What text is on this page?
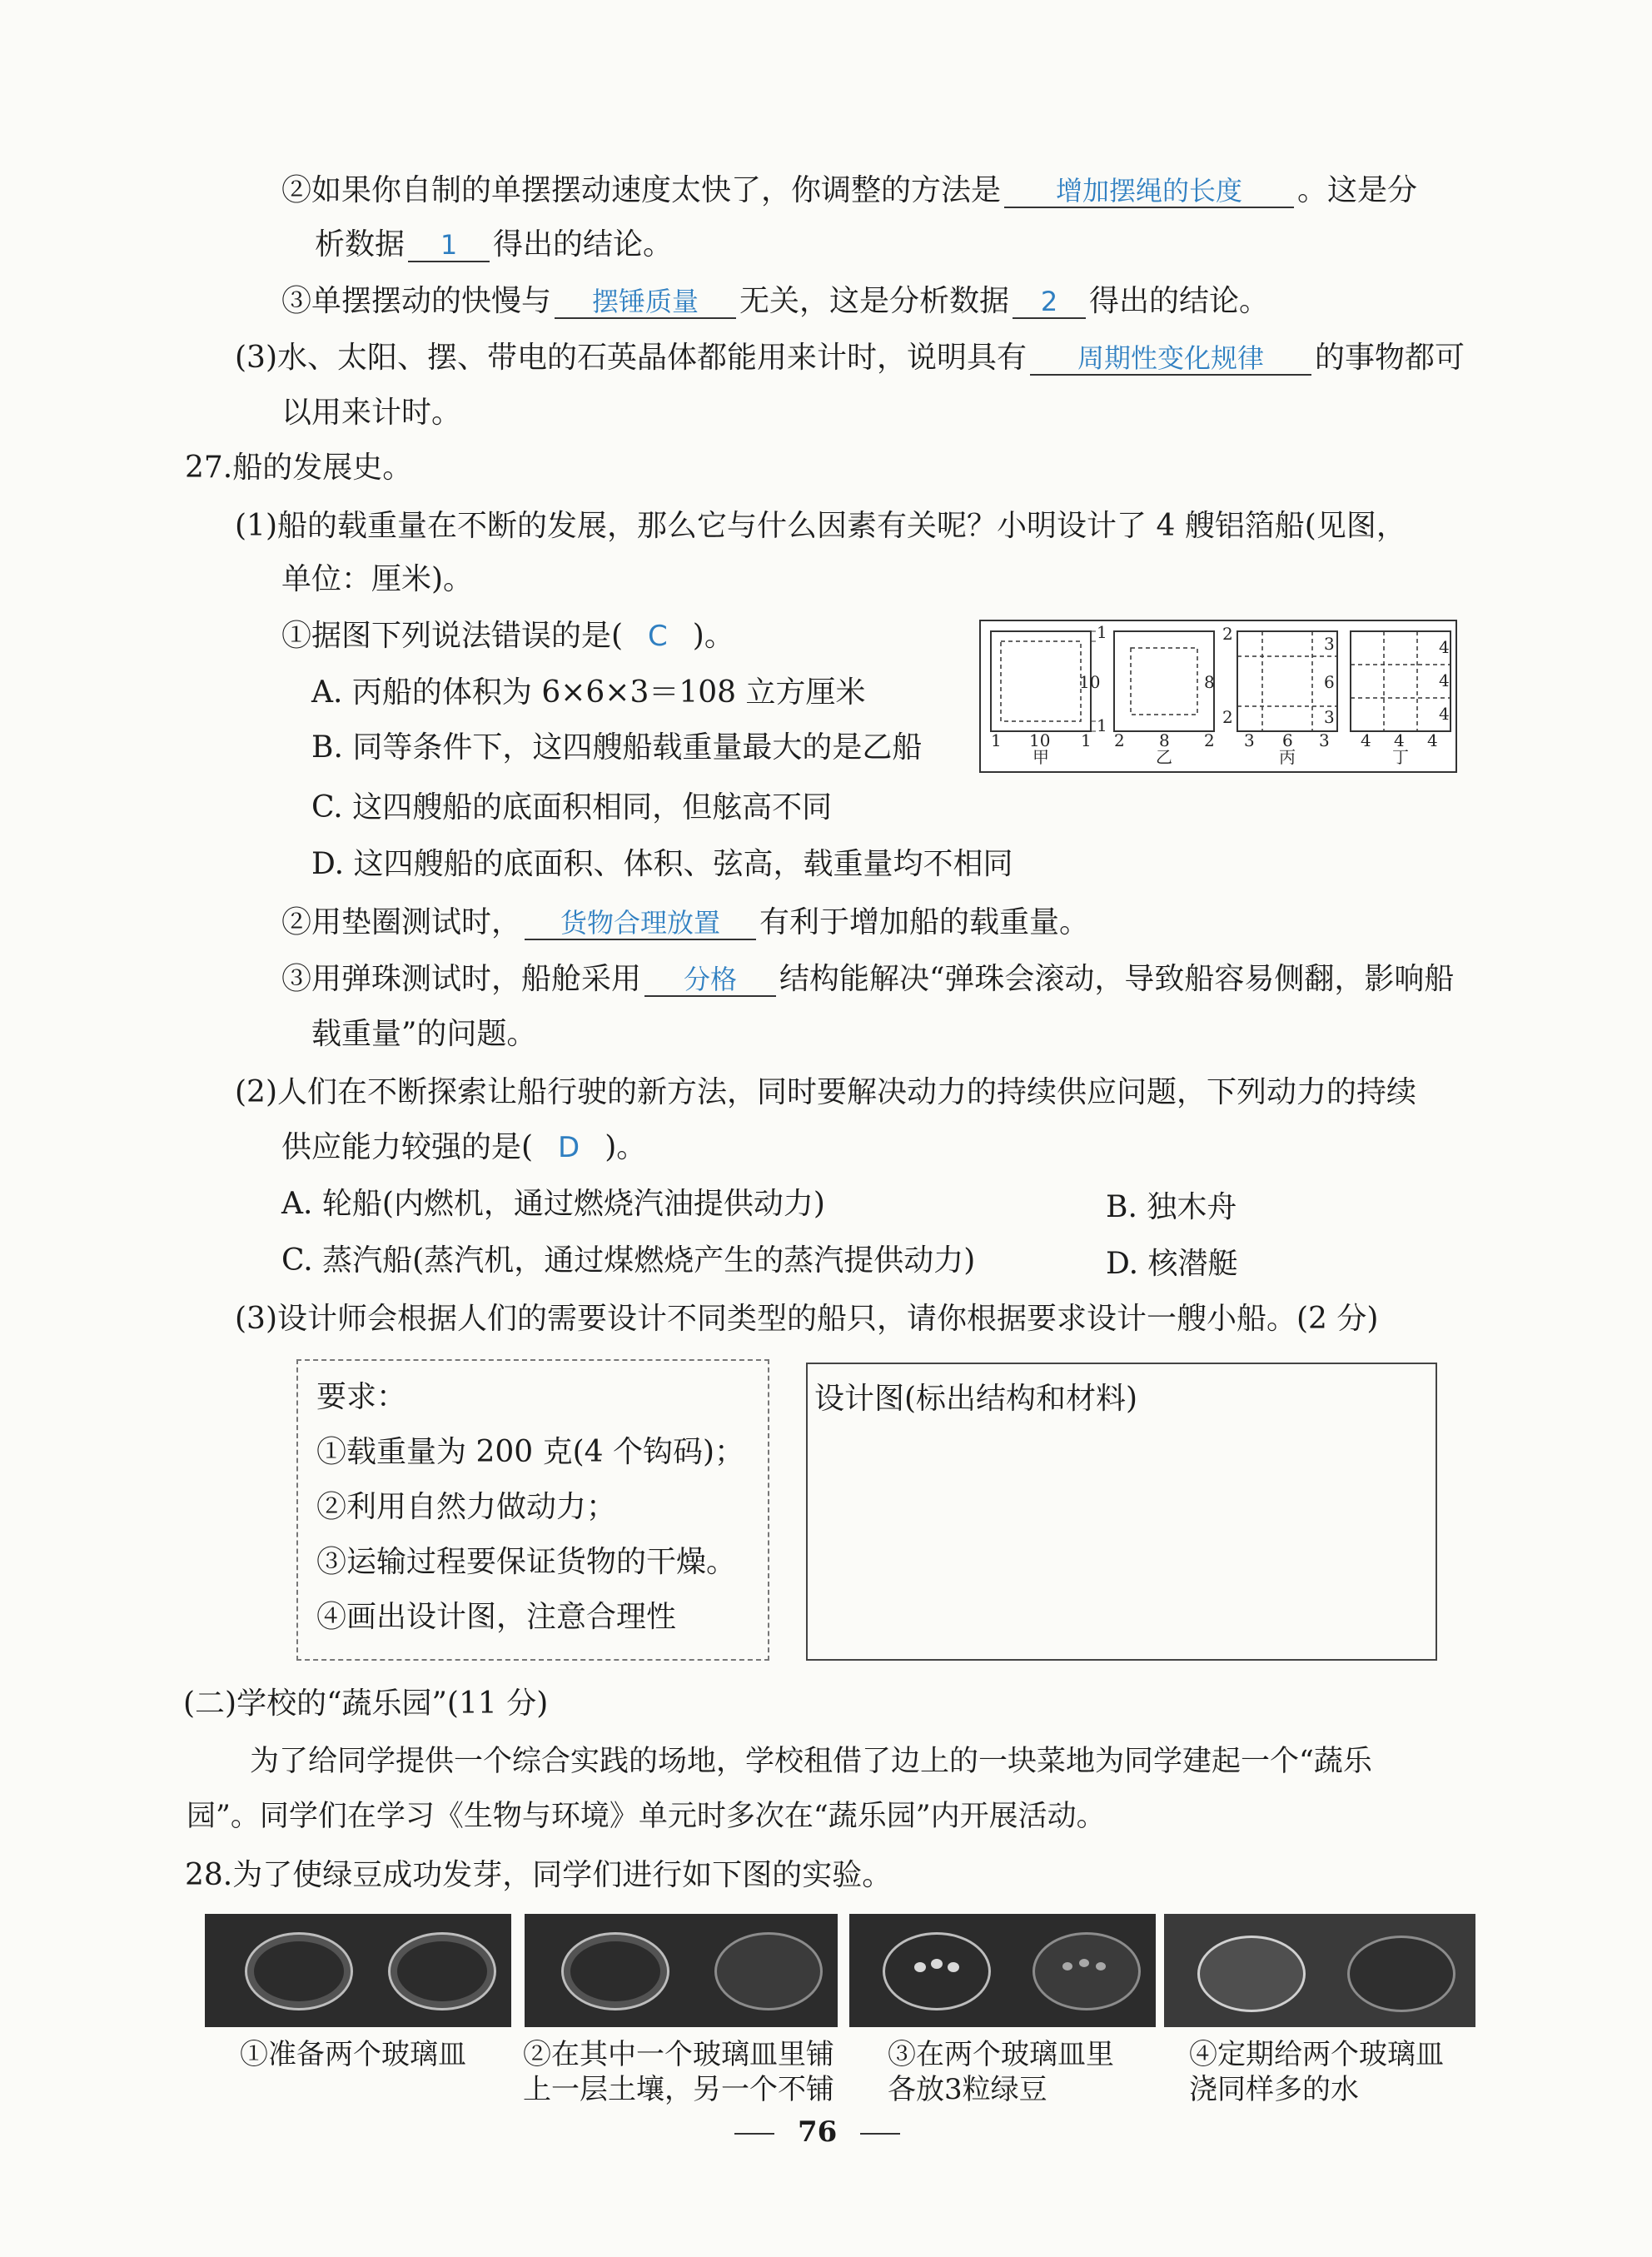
②如果你自制的单摆摆动速度太快了，你调整的方法是 增加摆绳的长度 。这是分
析数据 1 得出的结论。
③单摆摆动的快慢与 摆锤质量 无关，这是分析数据 2 得出的结论。
(3)水、太阳、摆、带电的石英晶体都能用来计时，说明具有 周期性变化规律 的事物都可
以用来计时。
27.船的发展史。
(1)船的载重量在不断的发展，那么它与什么因素有关呢？小明设计了 4 艘铝箔船(见图，
单位：厘米)。
①据图下列说法错误的是( C )。
A. 丙船的体积为 6×6×3＝108 立方厘米
B. 同等条件下，这四艘船载重量最大的是乙船
C. 这四艘船的底面积相同，但舷高不同
D. 这四艘船的底面积、体积、弦高，载重量均不相同
1
10
1
1 10 1
甲
2
8
2
2 8 2
乙
3
6
3
3 6 3
丙
4
4
4
4 4 4
丁
②用垫圈测试时， 货物合理放置 有利于增加船的载重量。
③用弹珠测试时，船舱采用 分格 结构能解决“弹珠会滚动，导致船容易侧翻，影响船
载重量”的问题。
(2)人们在不断探索让船行驶的新方法，同时要解决动力的持续供应问题，下列动力的持续
供应能力较强的是( D )。
A. 轮船(内燃机，通过燃烧汽油提供动力)	B. 独木舟
C. 蒸汽船(蒸汽机，通过煤燃烧产生的蒸汽提供动力)	D. 核潜艇
(3)设计师会根据人们的需要设计不同类型的船只，请你根据要求设计一艘小船。(2 分)
要求：
①载重量为 200 克(4 个钩码)；
②利用自然力做动力；
③运输过程要保证货物的干燥。
④画出设计图，注意合理性
设计图(标出结构和材料)
(二)学校的“蔬乐园”(11 分)
为了给同学提供一个综合实践的场地，学校租借了边上的一块菜地为同学建起一个“蔬乐
园”。同学们在学习《生物与环境》单元时多次在“蔬乐园”内开展活动。
28.为了使绿豆成功发芽，同学们进行如下图的实验。
①准备两个玻璃皿 ②在其中一个玻璃皿里铺
上一层土壤，另一个不铺
③在两个玻璃皿里
各放3粒绿豆
④定期给两个玻璃皿
浇同样多的水
76
